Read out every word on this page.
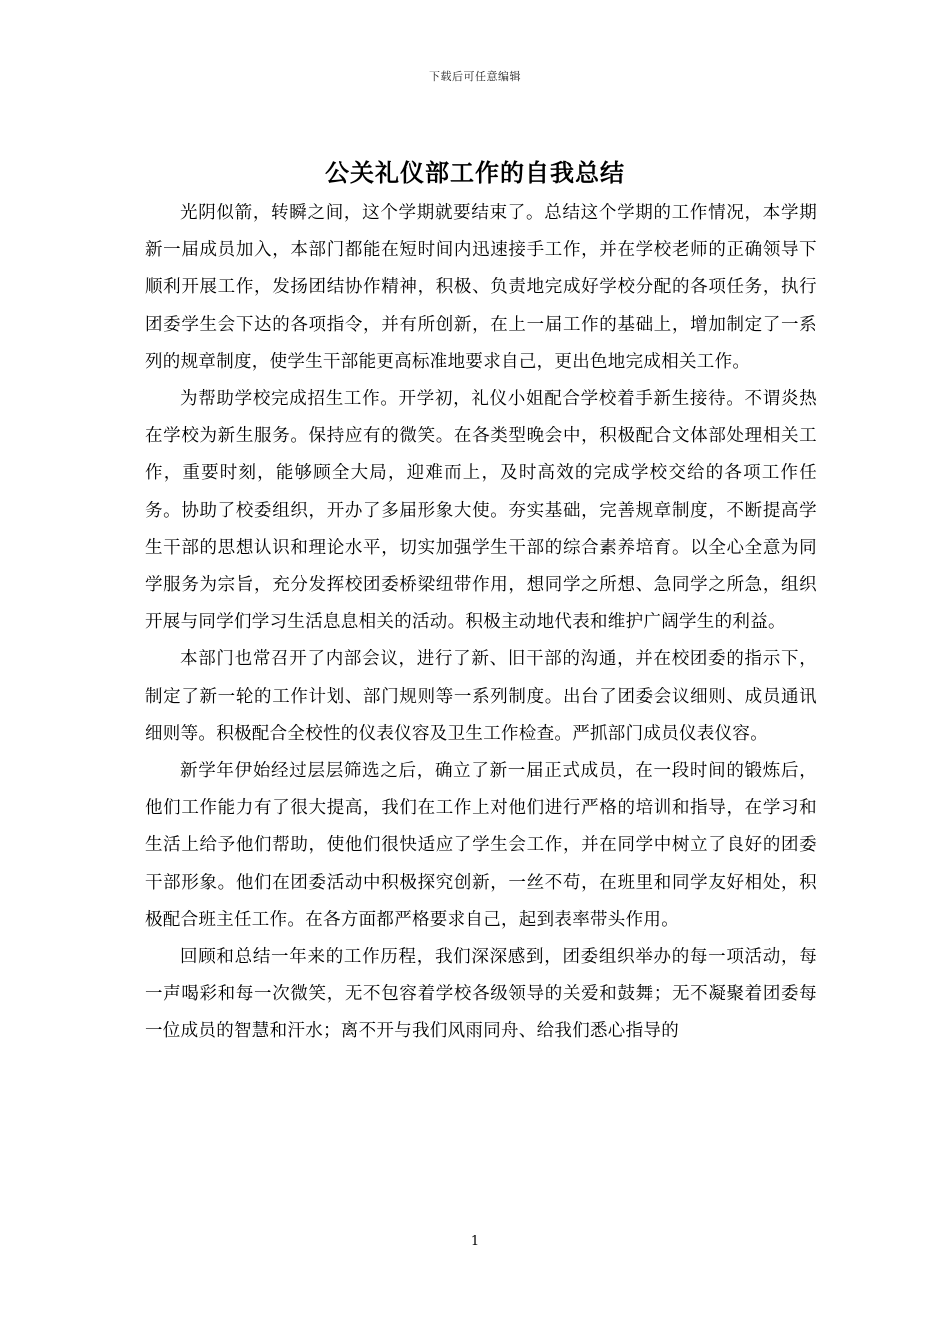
下载后可任意编辑
公关礼仪部工作的自我总结

光阴似箭，转瞬之间，这个学期就要结束了。总结这个学期的工作情况，本学期新一届成员加入，本部门都能在短时间内迅速接手工作，并在学校老师的正确领导下顺利开展工作，发扬团结协作精神，积极、负责地完成好学校分配的各项任务，执行团委学生会下达的各项指令，并有所创新，在上一届工作的基础上，增加制定了一系列的规章制度，使学生干部能更高标准地要求自己，更出色地完成相关工作。

为帮助学校完成招生工作。开学初，礼仪小姐配合学校着手新生接待。不谓炎热在学校为新生服务。保持应有的微笑。在各类型晚会中，积极配合文体部处理相关工作，重要时刻，能够顾全大局，迎难而上，及时高效的完成学校交给的各项工作任务。协助了校委组织，开办了多届形象大使。夯实基础，完善规章制度，不断提高学生干部的思想认识和理论水平，切实加强学生干部的综合素养培育。以全心全意为同学服务为宗旨，充分发挥校团委桥梁纽带作用，想同学之所想、急同学之所急，组织开展与同学们学习生活息息相关的活动。积极主动地代表和维护广阔学生的利益。

本部门也常召开了内部会议，进行了新、旧干部的沟通，并在校团委的指示下，制定了新一轮的工作计划、部门规则等一系列制度。出台了团委会议细则、成员通讯细则等。积极配合全校性的仪表仪容及卫生工作检查。严抓部门成员仪表仪容。

新学年伊始经过层层筛选之后，确立了新一届正式成员，在一段时间的锻炼后，他们工作能力有了很大提高，我们在工作上对他们进行严格的培训和指导，在学习和生活上给予他们帮助，使他们很快适应了学生会工作，并在同学中树立了良好的团委干部形象。他们在团委活动中积极探究创新，一丝不苟，在班里和同学友好相处，积极配合班主任工作。在各方面都严格要求自己，起到表率带头作用。

回顾和总结一年来的工作历程，我们深深感到，团委组织举办的每一项活动，每一声喝彩和每一次微笑，无不包容着学校各级领导的关爱和鼓舞；无不凝聚着团委每一位成员的智慧和汗水；离不开与我们风雨同舟、给我们悉心指导的

1
